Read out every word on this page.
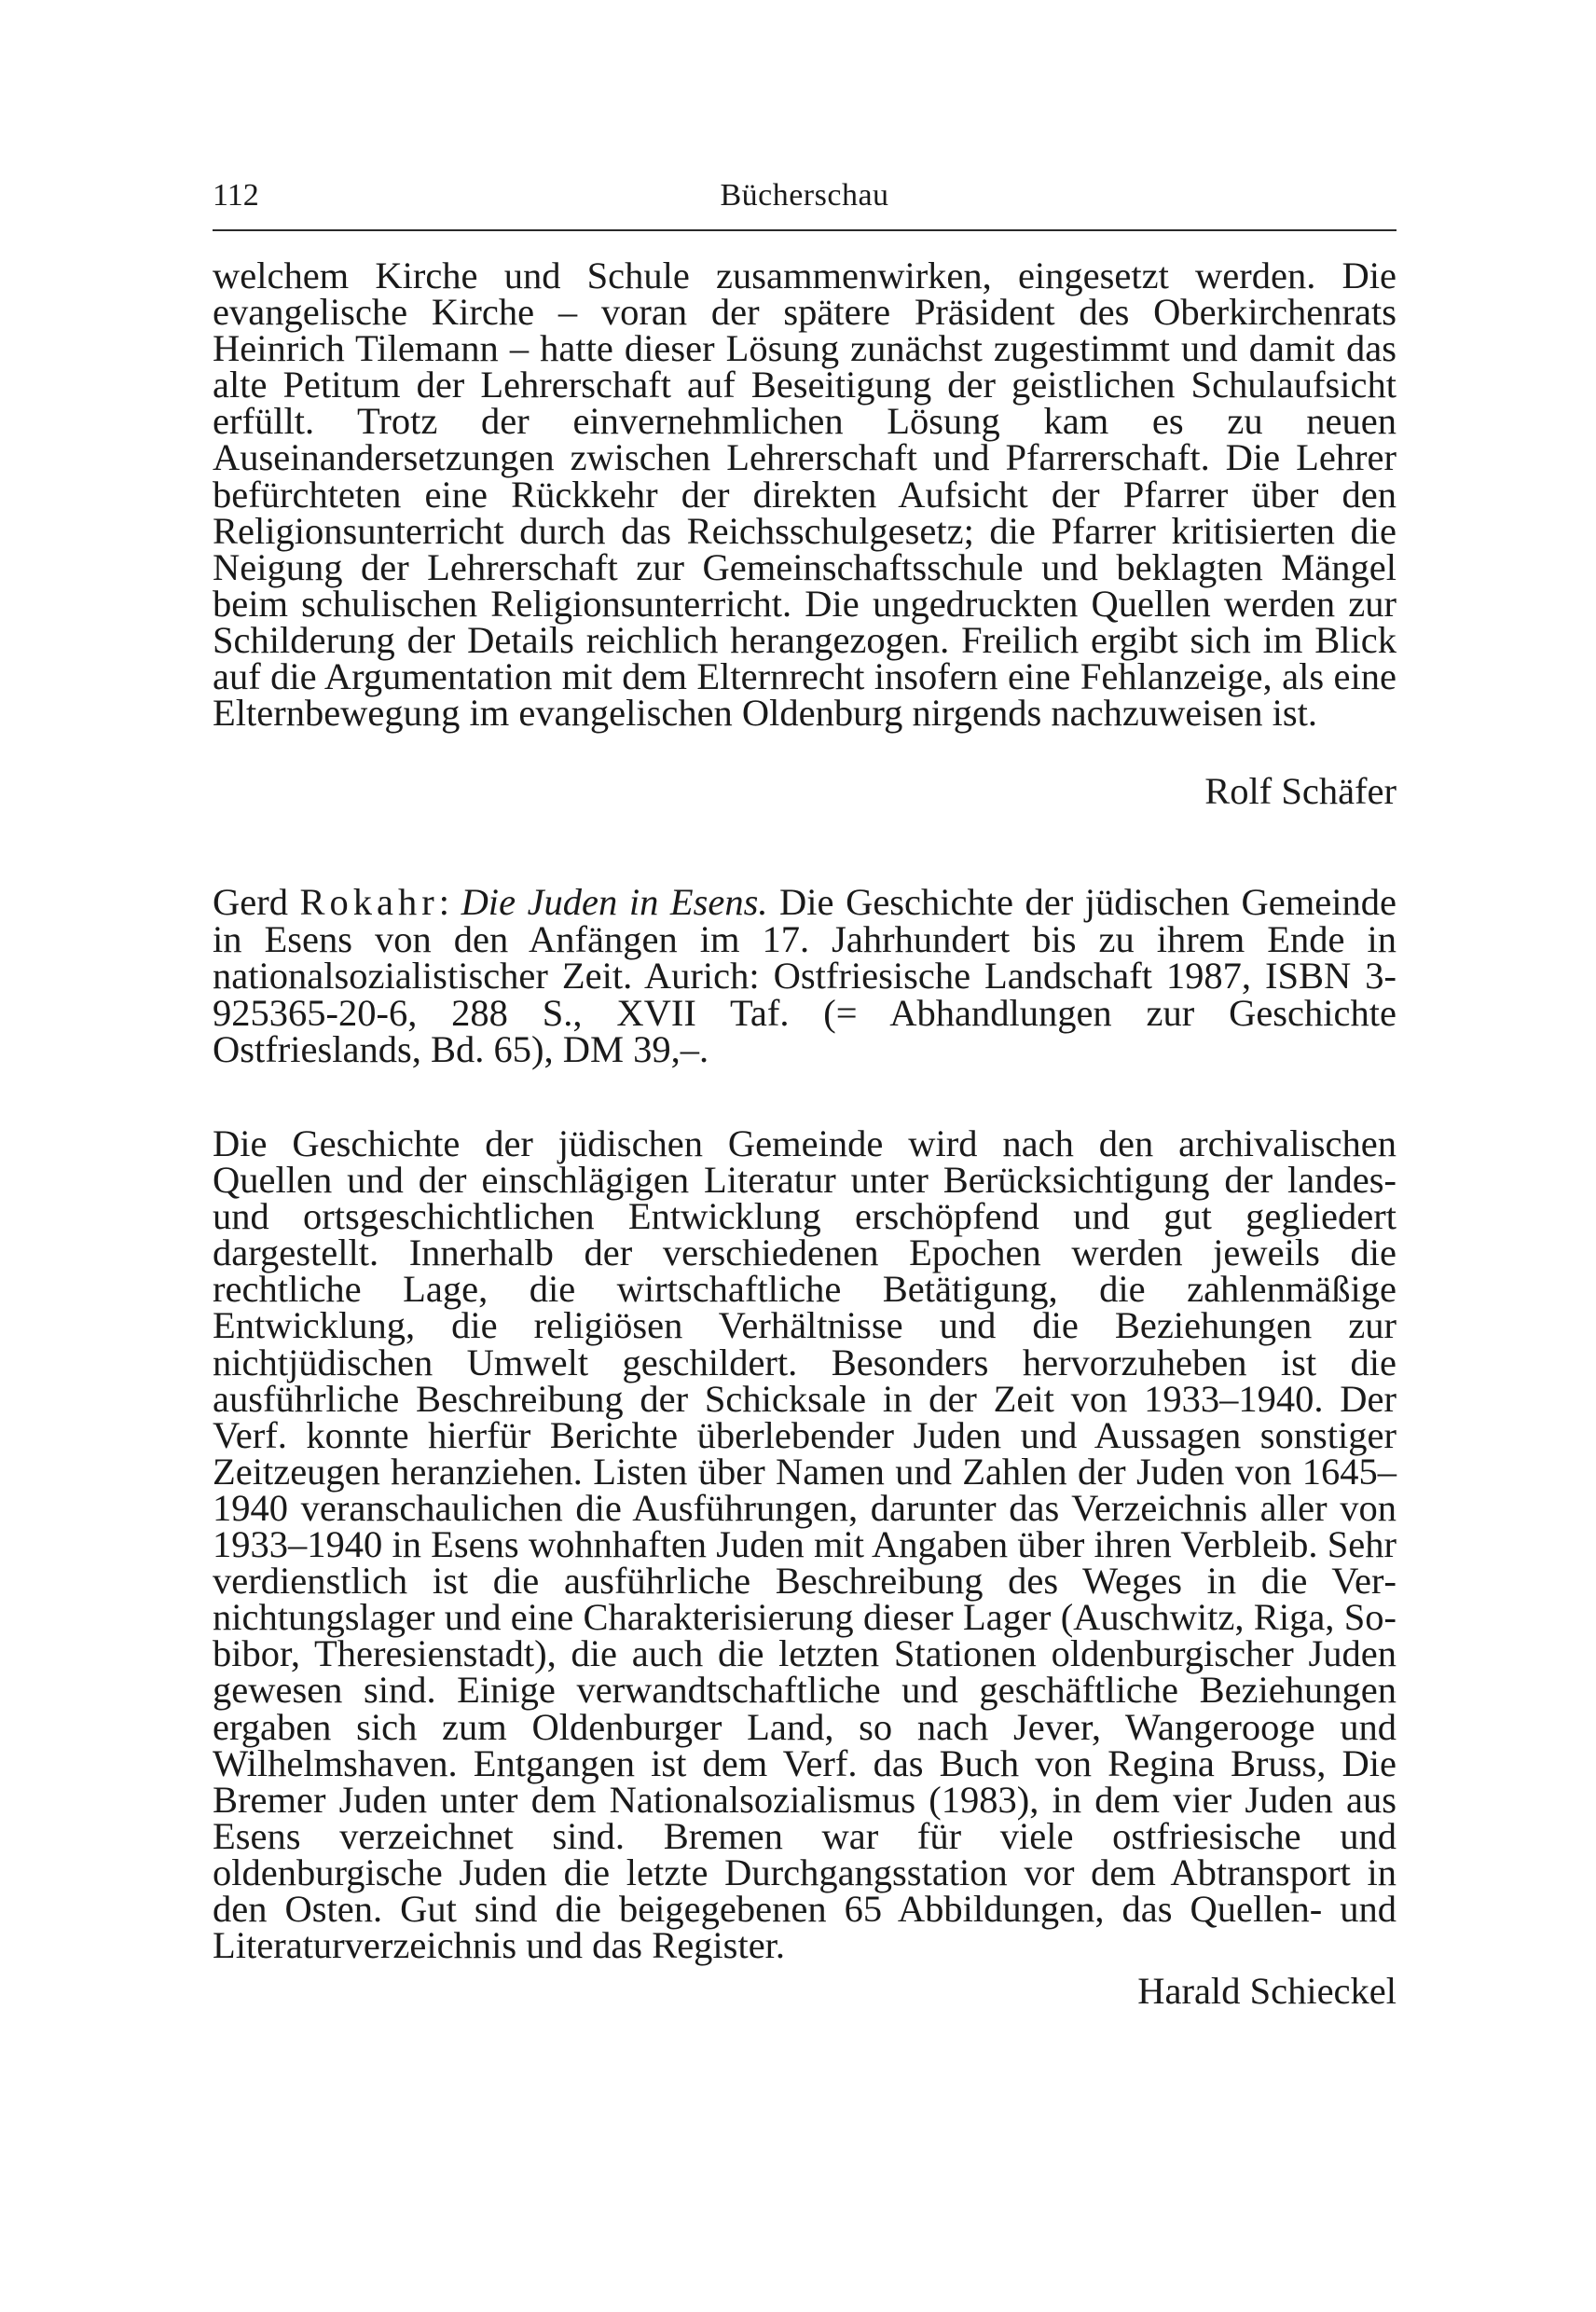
112	Bücherschau

welchem Kirche und Schule zusammenwirken, eingesetzt werden. Die evangelische Kirche – voran der spätere Präsident des Oberkirchenrats Heinrich Tilemann – hatte dieser Lösung zunächst zugestimmt und damit das alte Petitum der Lehrerschaft auf Beseitigung der geistlichen Schulaufsicht erfüllt. Trotz der einvernehmlichen Lösung kam es zu neuen Auseinandersetzungen zwischen Lehrerschaft und Pfarrerschaft. Die Lehrer befürchteten eine Rückkehr der direkten Aufsicht der Pfarrer über den Religionsunterricht durch das Reichsschulgesetz; die Pfarrer kritisierten die Neigung der Lehrerschaft zur Gemeinschaftsschule und beklagten Mängel beim schulischen Religionsunterricht. Die ungedruckten Quellen werden zur Schilderung der Details reichlich herangezogen. Freilich ergibt sich im Blick auf die Argumentation mit dem Elternrecht insofern eine Fehlanzeige, als eine Elternbewegung im evangelischen Oldenburg nirgends nachzuweisen ist.

Rolf Schäfer

Gerd Rokahr: Die Juden in Esens. Die Geschichte der jüdischen Gemeinde in Esens von den Anfängen im 17. Jahrhundert bis zu ihrem Ende in nationalsozialistischer Zeit. Aurich: Ostfriesische Landschaft 1987, ISBN 3-925365-20-6, 288 S., XVII Taf. (= Abhandlungen zur Geschichte Ostfrieslands, Bd. 65), DM 39,–.

Die Geschichte der jüdischen Gemeinde wird nach den archivalischen Quellen und der einschlägigen Literatur unter Berücksichtigung der landes- und ortsgeschichtlichen Entwicklung erschöpfend und gut gegliedert dargestellt. Innerhalb der verschiedenen Epochen werden jeweils die rechtliche Lage, die wirtschaftliche Betätigung, die zahlenmäßige Entwicklung, die religiösen Verhältnisse und die Beziehungen zur nichtjüdischen Umwelt geschildert. Besonders hervorzuheben ist die ausführliche Beschreibung der Schicksale in der Zeit von 1933–1940. Der Verf. konnte hierfür Berichte überlebender Juden und Aussagen sonstiger Zeitzeugen heranziehen. Listen über Namen und Zahlen der Juden von 1645–1940 veranschaulichen die Ausführungen, darunter das Verzeichnis aller von 1933–1940 in Esens wohnhaften Juden mit Angaben über ihren Verbleib. Sehr verdienstlich ist die ausführliche Beschreibung des Weges in die Vernichtungslager und eine Charakterisierung dieser Lager (Auschwitz, Riga, Sobibor, Theresienstadt), die auch die letzten Stationen oldenburgischer Juden gewesen sind. Einige verwandtschaftliche und geschäftliche Beziehungen ergaben sich zum Oldenburger Land, so nach Jever, Wangerooge und Wilhelmshaven. Entgangen ist dem Verf. das Buch von Regina Bruss, Die Bremer Juden unter dem Nationalsozialismus (1983), in dem vier Juden aus Esens verzeichnet sind. Bremen war für viele ostfriesische und oldenburgische Juden die letzte Durchgangsstation vor dem Abtransport in den Osten. Gut sind die beigegebenen 65 Abbildungen, das Quellen- und Literaturverzeichnis und das Register.

Harald Schieckel
